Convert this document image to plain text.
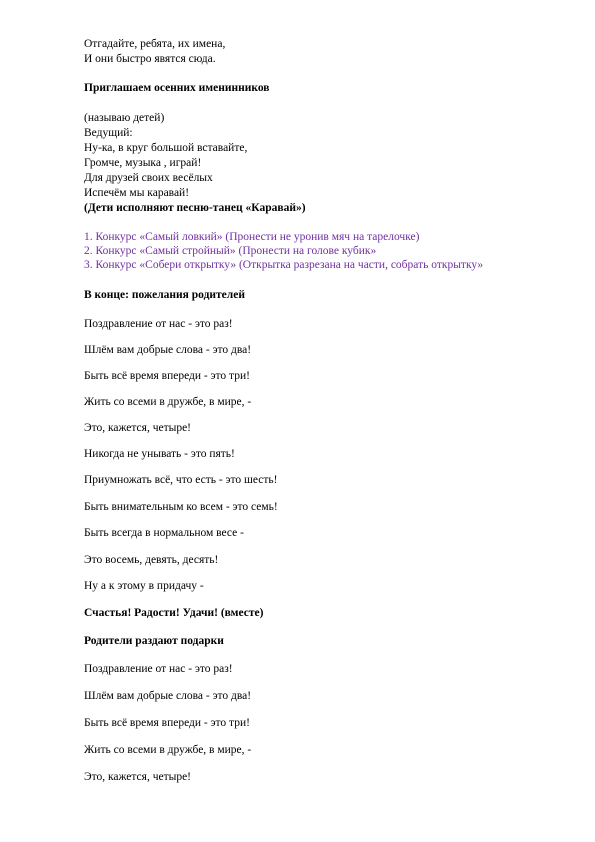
Отгадайте, ребята, их имена,

И они быстро явятся сюда.

Приглашаем осенних именинников

(называю детей)

Ведущий:

Ну-ка, в круг большой вставайте,

Громче, музыка , играй!

Для друзей своих весёлых

Испечём мы каравай!

(Дети исполняют песню-танец «Каравай»)

1. Конкурс «Самый ловкий» (Пронести не уронив мяч на тарелочке)

2. Конкурс «Самый стройный» (Пронести на голове кубик»

3. Конкурс «Собери открытку» (Открытка разрезана на части, собрать открытку»

В конце: пожелания родителей

Поздравление от нас - это раз!

Шлём вам добрые слова - это два!

Быть всё время впереди - это три!

Жить со всеми в дружбе, в мире, -

Это, кажется, четыре!

Никогда не унывать - это пять!

Приумножать всё, что есть - это шесть!

Быть внимательным ко всем - это семь!

Быть всегда в нормальном весе -

Это восемь, девять, десять!

Ну а к этому в придачу -

Счастья! Радости! Удачи! (вместе)

Родители раздают подарки

Поздравление от нас - это раз!

Шлём вам добрые слова - это два!

Быть всё время впереди - это три!

Жить со всеми в дружбе, в мире, -

Это, кажется, четыре!
